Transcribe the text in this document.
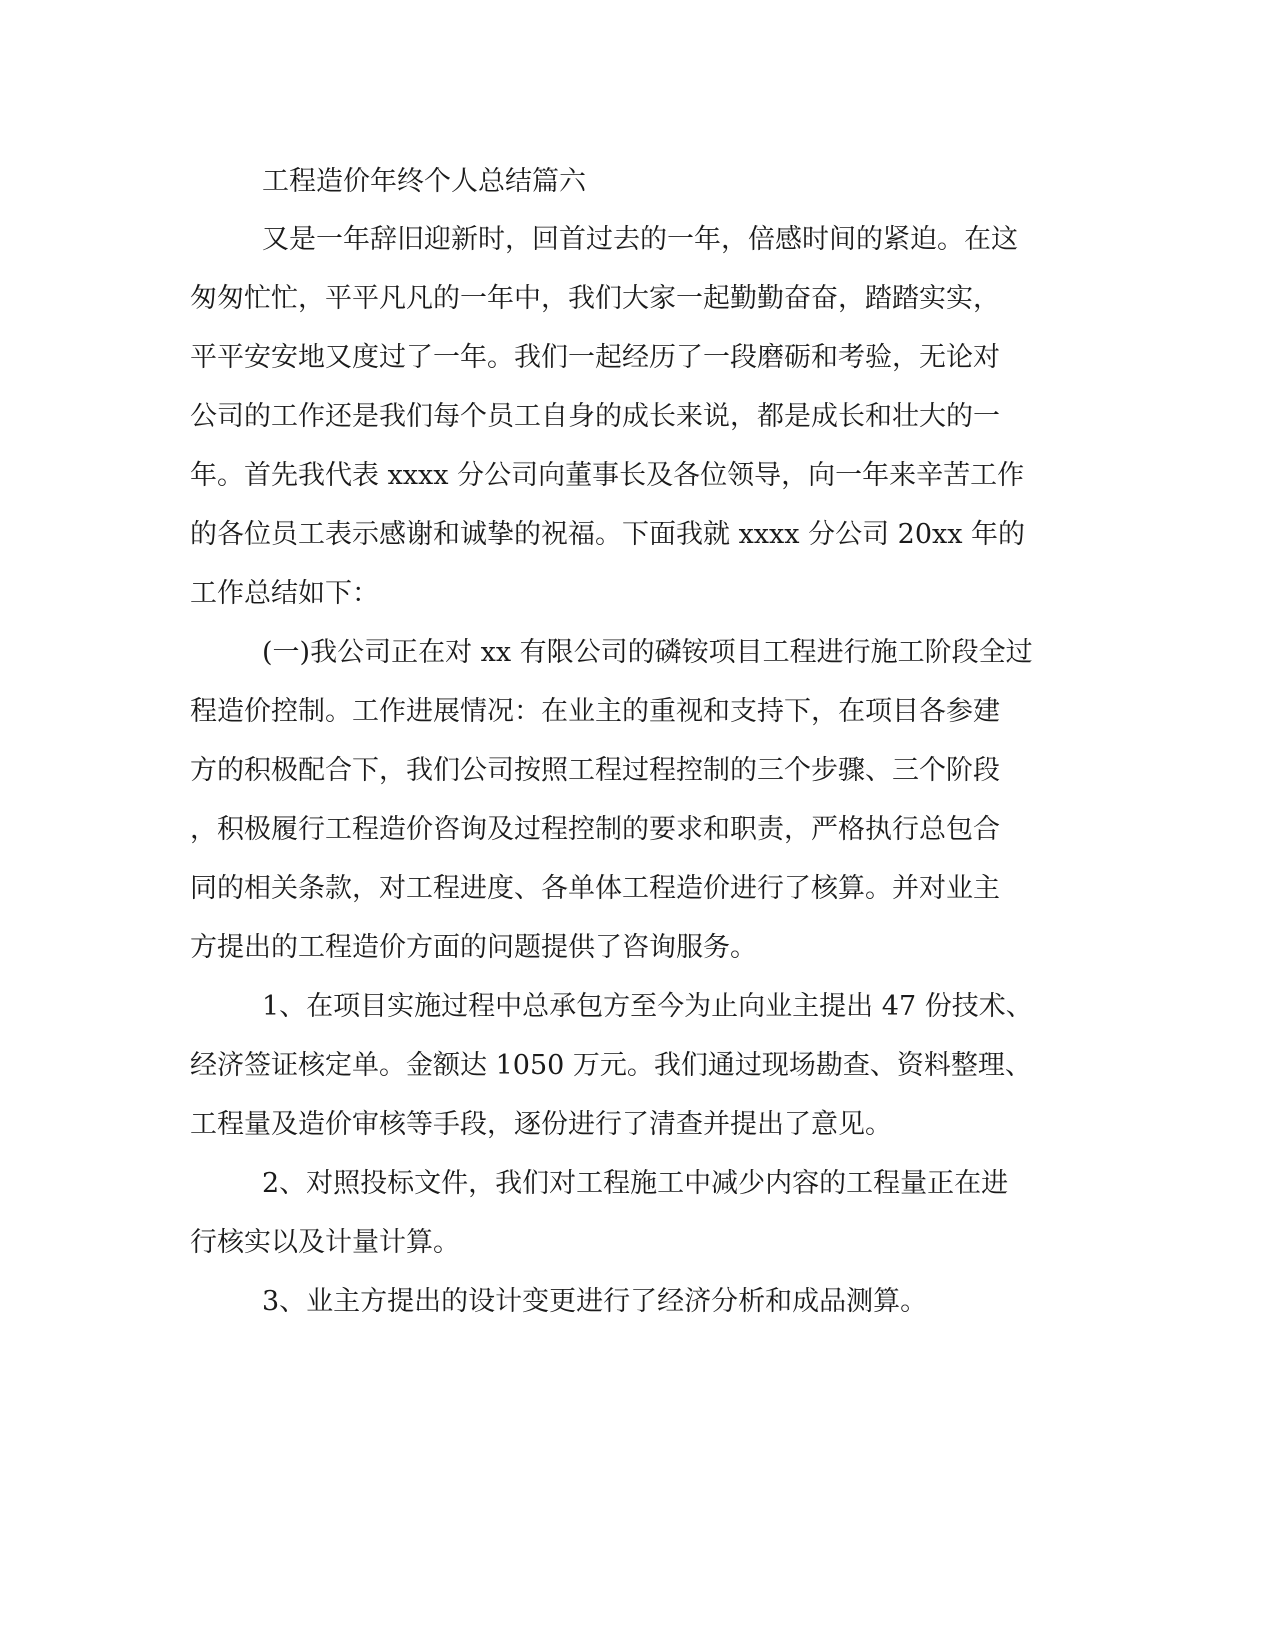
工程造价年终个人总结篇六
又是一年辞旧迎新时，回首过去的一年，倍感时间的紧迫。在这
匆匆忙忙，平平凡凡的一年中，我们大家一起勤勤奋奋，踏踏实实，
平平安安地又度过了一年。我们一起经历了一段磨砺和考验，无论对
公司的工作还是我们每个员工自身的成长来说，都是成长和壮大的一
年。首先我代表 xxxx 分公司向董事长及各位领导，向一年来辛苦工作
的各位员工表示感谢和诚挚的祝福。下面我就 xxxx 分公司 20xx 年的
工作总结如下：
(一)我公司正在对 xx 有限公司的磷铵项目工程进行施工阶段全过
程造价控制。工作进展情况：在业主的重视和支持下，在项目各参建
方的积极配合下，我们公司按照工程过程控制的三个步骤、三个阶段
，积极履行工程造价咨询及过程控制的要求和职责，严格执行总包合
同的相关条款，对工程进度、各单体工程造价进行了核算。并对业主
方提出的工程造价方面的问题提供了咨询服务。
1、在项目实施过程中总承包方至今为止向业主提出 47 份技术、
经济签证核定单。金额达 1050 万元。我们通过现场勘查、资料整理、
工程量及造价审核等手段，逐份进行了清查并提出了意见。
2、对照投标文件，我们对工程施工中减少内容的工程量正在进
行核实以及计量计算。
3、业主方提出的设计变更进行了经济分析和成品测算。
